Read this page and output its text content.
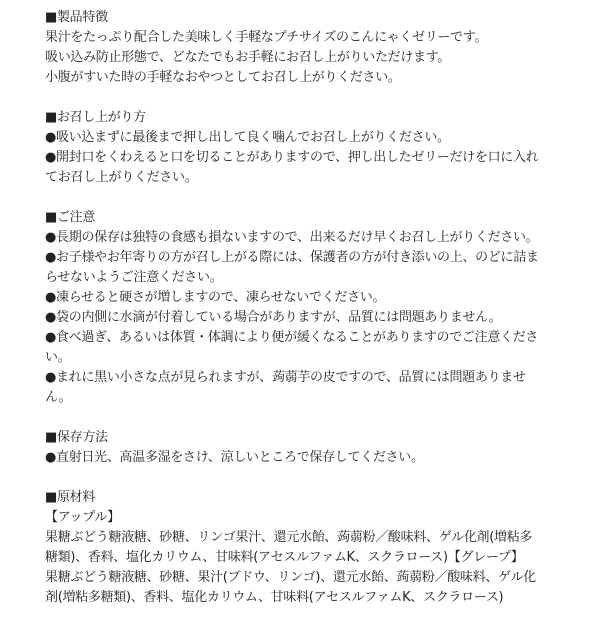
■製品特徴
果汁をたっぷり配合した美味しく手軽なプチサイズのこんにゃくゼリーです。
吸い込み防止形態で、どなたでもお手軽にお召し上がりいただけます。
小腹がすいた時の手軽なおやつとしてお召し上がりください。
■お召し上がり方
●吸い込まずに最後まで押し出して良く噛んでお召し上がりください。
●開封口をくわえると口を切ることがありますので、押し出したゼリーだけを口に入れ
てお召し上がりください。
■ご注意
●長期の保存は独特の食感も損ないますので、出来るだけ早くお召し上がりください。
●お子様やお年寄りの方が召し上がる際には、保護者の方が付き添いの上、のどに詰ま
らせないようご注意ください。
●凍らせると硬さが増しますので、凍らせないでください。
●袋の内側に水滴が付着している場合がありますが、品質には問題ありません。
●食べ過ぎ、あるいは体質・体調により便が緩くなることがありますのでご注意くださ
い。
●まれに黒い小さな点が見られますが、蒟蒻芋の皮ですので、品質には問題ありませ
ん。
■保存方法
●直射日光、高温多湿をさけ、涼しいところで保存してください。
■原材料
【アップル】
果糖ぶどう糖液糖、砂糖、リンゴ果汁、還元水飴、蒟蒻粉／酸味料、ゲル化剤(増粘多
糖類)、香料、塩化カリウム、甘味料(アセスルファムK、スクラロース)【グレープ】
果糖ぶどう糖液糖、砂糖、果汁(ブドウ、リンゴ)、還元水飴、蒟蒻粉／酸味料、ゲル化
剤(増粘多糖類)、香料、塩化カリウム、甘味料(アセスルファムK、スクラロース)
